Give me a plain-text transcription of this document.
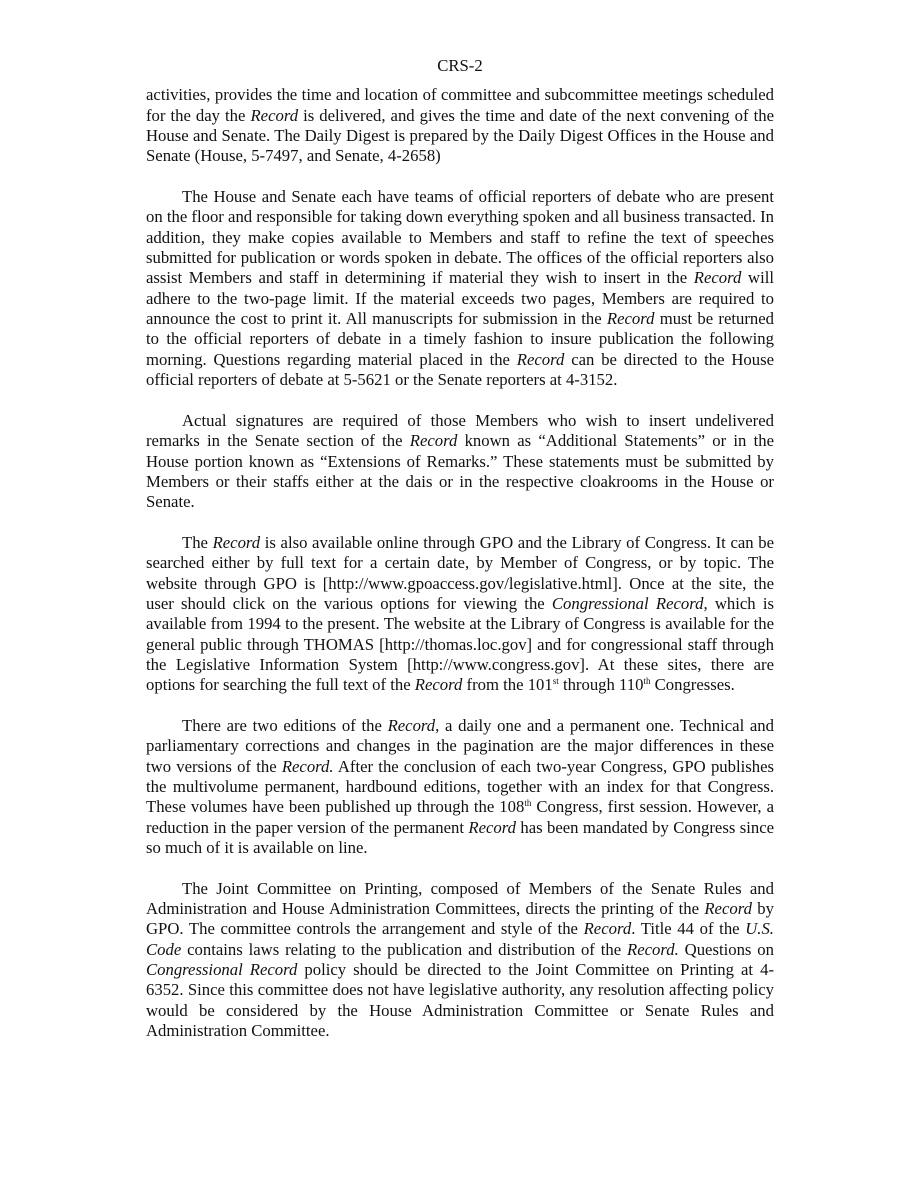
CRS-2

activities, provides the time and location of committee and subcommittee meetings scheduled for the day the Record is delivered, and gives the time and date of the next convening of the House and Senate. The Daily Digest is prepared by the Daily Digest Offices in the House and Senate (House, 5-7497, and Senate, 4-2658)

The House and Senate each have teams of official reporters of debate who are present on the floor and responsible for taking down everything spoken and all business transacted. In addition, they make copies available to Members and staff to refine the text of speeches submitted for publication or words spoken in debate. The offices of the official reporters also assist Members and staff in determining if material they wish to insert in the Record will adhere to the two-page limit. If the material exceeds two pages, Members are required to announce the cost to print it. All manuscripts for submission in the Record must be returned to the official reporters of debate in a timely fashion to insure publication the following morning. Questions regarding material placed in the Record can be directed to the House official reporters of debate at 5-5621 or the Senate reporters at 4-3152.

Actual signatures are required of those Members who wish to insert undelivered remarks in the Senate section of the Record known as “Additional Statements” or in the House portion known as “Extensions of Remarks.” These statements must be submitted by Members or their staffs either at the dais or in the respective cloakrooms in the House or Senate.

The Record is also available online through GPO and the Library of Congress. It can be searched either by full text for a certain date, by Member of Congress, or by topic. The website through GPO is [http://www.gpoaccess.gov/legislative.html]. Once at the site, the user should click on the various options for viewing the Congressional Record, which is available from 1994 to the present. The website at the Library of Congress is available for the general public through THOMAS [http://thomas.loc.gov] and for congressional staff through the Legislative Information System [http://www.congress.gov]. At these sites, there are options for searching the full text of the Record from the 101st through 110th Congresses.

There are two editions of the Record, a daily one and a permanent one. Technical and parliamentary corrections and changes in the pagination are the major differences in these two versions of the Record. After the conclusion of each two-year Congress, GPO publishes the multivolume permanent, hardbound editions, together with an index for that Congress. These volumes have been published up through the 108th Congress, first session. However, a reduction in the paper version of the permanent Record has been mandated by Congress since so much of it is available on line.

The Joint Committee on Printing, composed of Members of the Senate Rules and Administration and House Administration Committees, directs the printing of the Record by GPO. The committee controls the arrangement and style of the Record. Title 44 of the U.S. Code contains laws relating to the publication and distribution of the Record. Questions on Congressional Record policy should be directed to the Joint Committee on Printing at 4-6352. Since this committee does not have legislative authority, any resolution affecting policy would be considered by the House Administration Committee or Senate Rules and Administration Committee.
